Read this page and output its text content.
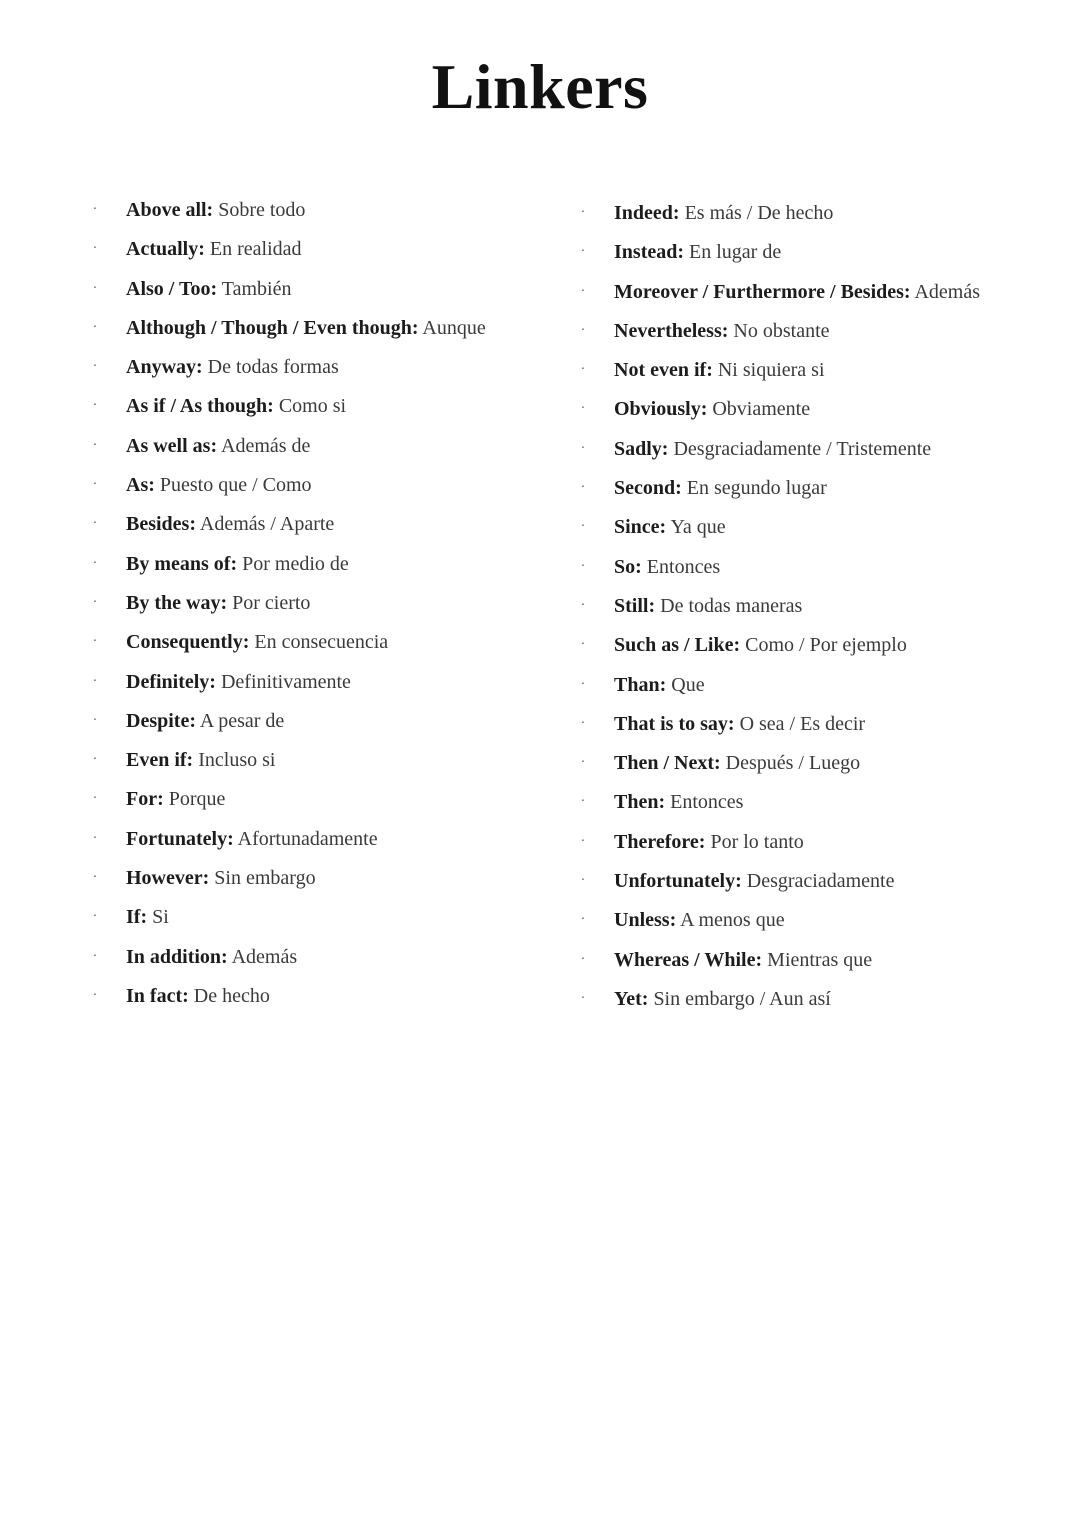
Linkers
· Above all: Sobre todo
· Actually: En realidad
· Also / Too: También
· Although / Though / Even though: Aunque
· Anyway: De todas formas
· As if / As though: Como si
· As well as: Además de
· As: Puesto que / Como
· Besides: Además / Aparte
· By means of: Por medio de
· By the way: Por cierto
· Consequently: En consecuencia
· Definitely: Definitivamente
· Despite: A pesar de
· Even if: Incluso si
· For: Porque
· Fortunately: Afortunadamente
· However: Sin embargo
· If: Si
· In addition: Además
· In fact: De hecho
· Indeed: Es más / De hecho
· Instead: En lugar de
· Moreover / Furthermore / Besides: Además
· Nevertheless: No obstante
· Not even if: Ni siquiera si
· Obviously: Obviamente
· Sadly: Desgraciadamente / Tristemente
· Second: En segundo lugar
· Since: Ya que
· So: Entonces
· Still: De todas maneras
· Such as / Like: Como / Por ejemplo
· Than: Que
· That is to say: O sea / Es decir
· Then / Next: Después / Luego
· Then: Entonces
· Therefore: Por lo tanto
· Unfortunately: Desgraciadamente
· Unless: A menos que
· Whereas / While: Mientras que
· Yet: Sin embargo / Aun así
